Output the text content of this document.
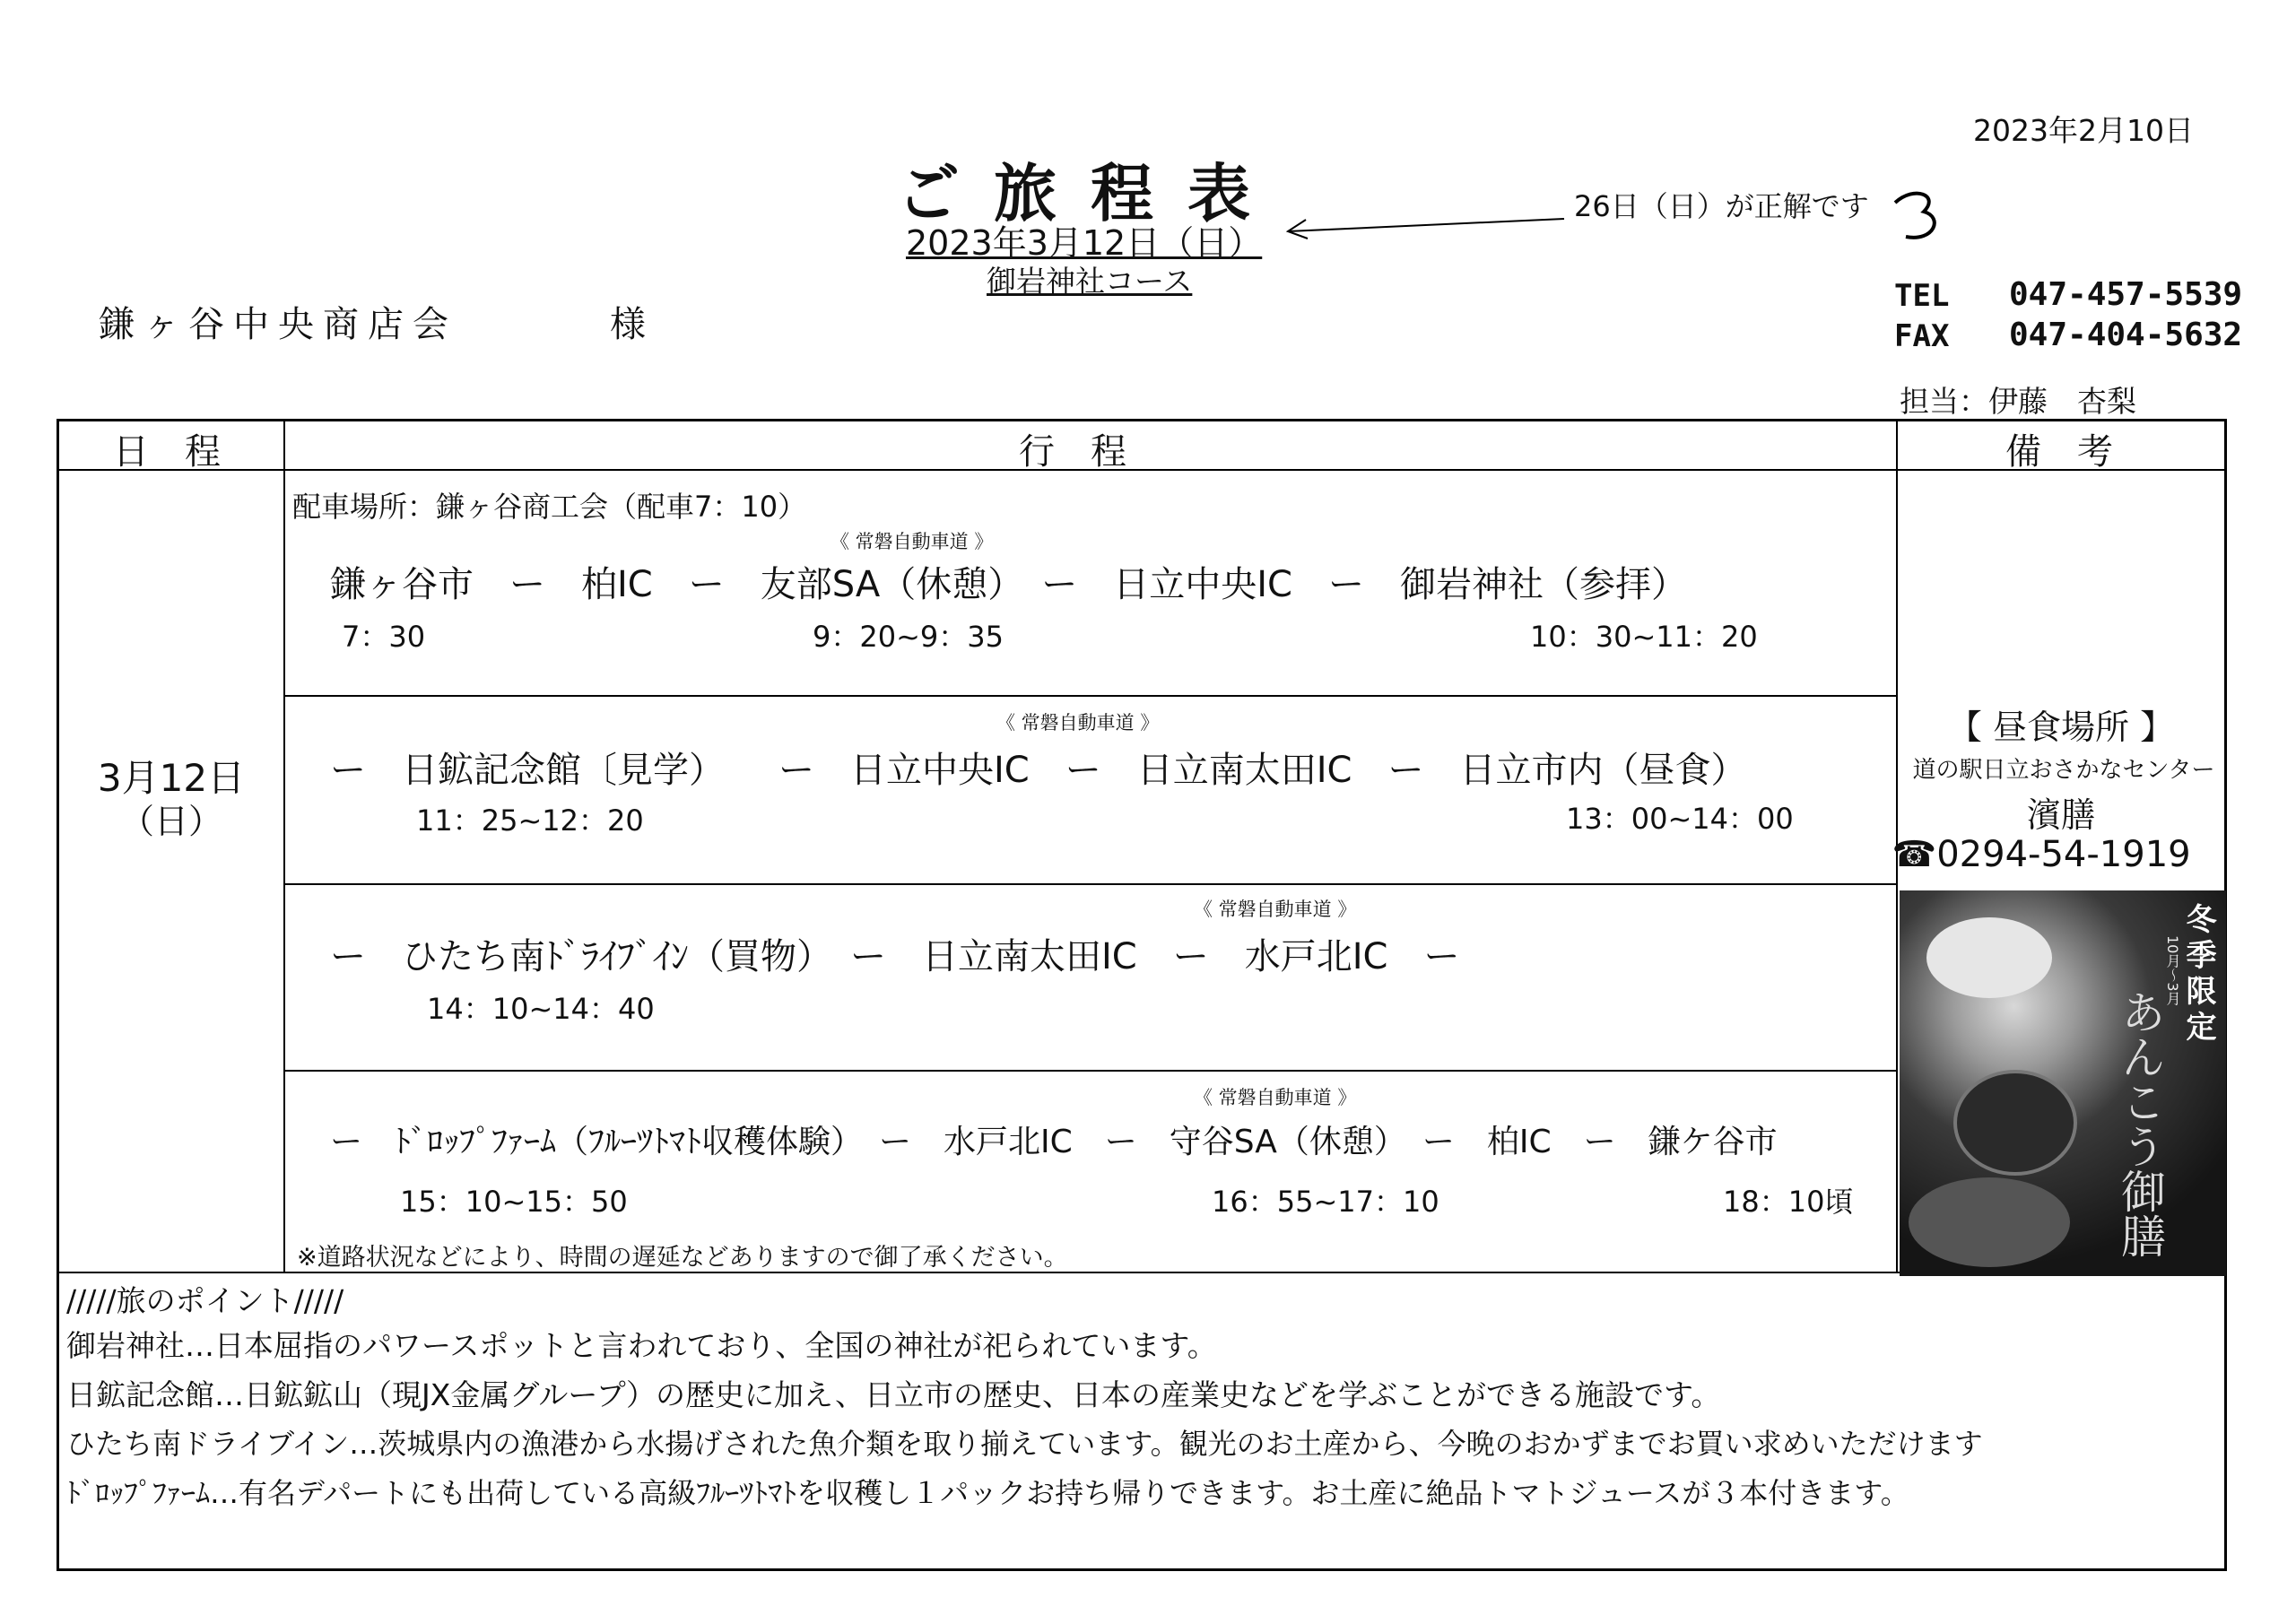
2023年2月10日
ご旅程表
2023年3月12日（日）
御岩神社コース
26日（日）が正解です
鎌ヶ谷中央商店会	様
TEL 047-457-5539
FAX 047-404-5632
担当：伊藤　杏梨
日程	行程	備考
3月12日
（日）
配車場所：鎌ヶ谷商工会（配車7：10）
《 常磐自動車道 》
鎌ヶ谷市　ー　柏IC　ー　友部SA（休憩）　ー　日立中央IC　ー　御岩神社（参拝）
7：30	9：20~9：35	10：30~11：20
《 常磐自動車道 》
ー　日鉱記念館〔見学）　　ー　日立中央IC　ー　日立南太田IC　ー　日立市内（昼食）
11：25~12：20	13：00~14：00
《 常磐自動車道 》
ー　ひたち南ﾄﾞﾗｲﾌﾞｲﾝ（買物）　ー　日立南太田IC　ー　水戸北IC　ー
14：10~14：40
《 常磐自動車道 》
ー　ﾄﾞﾛｯﾌﾟﾌｧｰﾑ（ﾌﾙｰﾂﾄﾏﾄ収穫体験）　ー　水戸北IC　ー　守谷SA（休憩）　ー　柏IC　ー　鎌ケ谷市
15：10~15：50	16：55~17：10	18：10頃
※道路状況などにより、時間の遅延などありますので御了承ください。
【 昼食場所 】
道の駅日立おさかなセンター
濱膳
☎0294-54-1919
冬季限定
10月〜3月
あんこう御膳
/////旅のポイント/////
御岩神社…日本屈指のパワースポットと言われており、全国の神社が祀られています。
日鉱記念館…日鉱鉱山（現JX金属グループ）の歴史に加え、日立市の歴史、日本の産業史などを学ぶことができる施設です。
ひたち南ドライブイン…茨城県内の漁港から水揚げされた魚介類を取り揃えています。観光のお土産から、今晩のおかずまでお買い求めいただけます
ﾄﾞﾛｯﾌﾟﾌｧｰﾑ…有名デパートにも出荷している高級ﾌﾙｰﾂﾄﾏﾄを収穫し１パックお持ち帰りできます。お土産に絶品トマトジュースが３本付きます。
